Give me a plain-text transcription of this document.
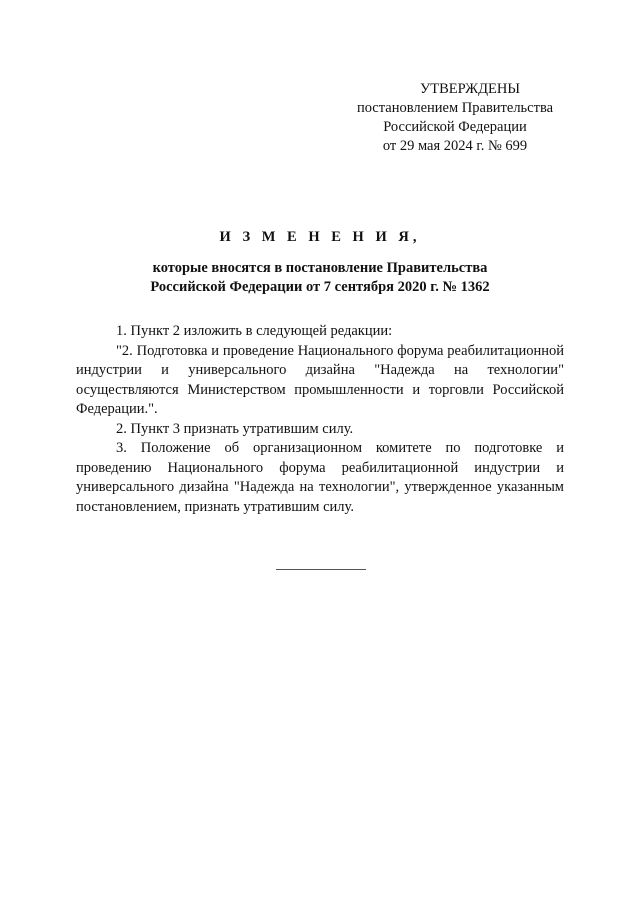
УТВЕРЖДЕНЫ
постановлением Правительства
Российской Федерации
от 29 мая 2024 г. № 699
И З М Е Н Е Н И Я,
которые вносятся в постановление Правительства
Российской Федерации от 7 сентября 2020 г. № 1362

1. Пункт 2 изложить в следующей редакции:

"2. Подготовка и проведение Национального форума реабилитационной индустрии и универсального дизайна "Надежда на технологии" осуществляются Министерством промышленности и торговли Российской Федерации.".

2. Пункт 3 признать утратившим силу.

3. Положение об организационном комитете по подготовке и проведению Национального форума реабилитационной индустрии и универсального дизайна "Надежда на технологии", утвержденное указанным постановлением, признать утратившим силу.
